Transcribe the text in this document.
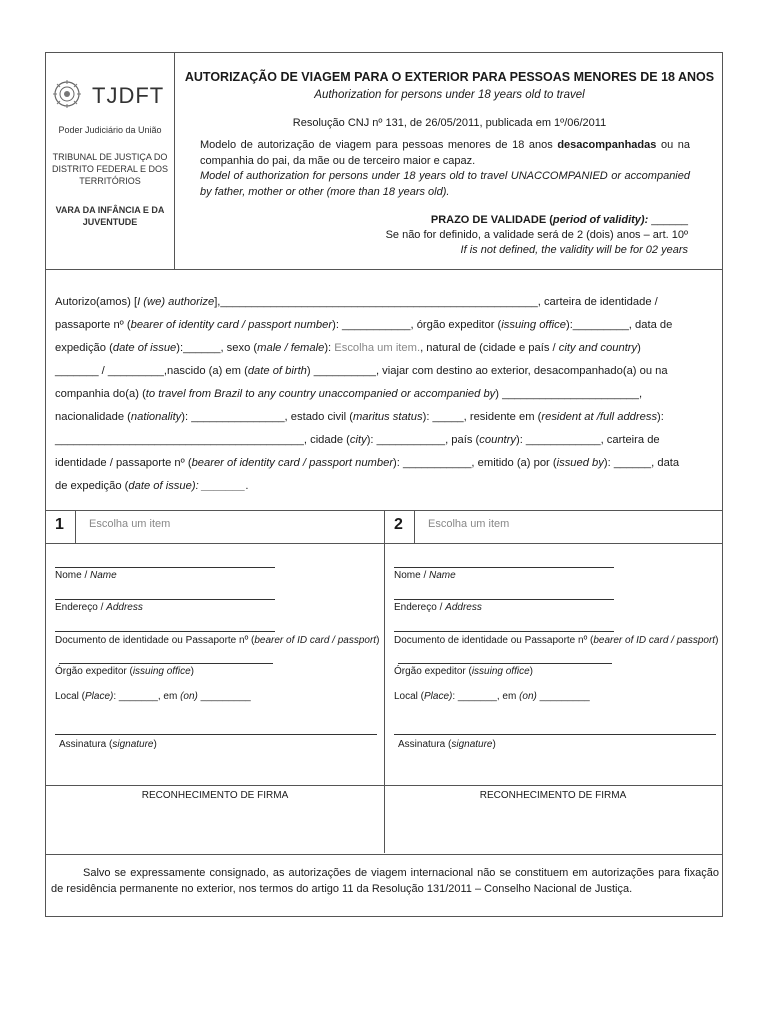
TJDFT
Poder Judiciário da União
TRIBUNAL DE JUSTIÇA DO DISTRITO FEDERAL E DOS TERRITÓRIOS
VARA DA INFÂNCIA E DA JUVENTUDE
AUTORIZAÇÃO DE VIAGEM PARA O EXTERIOR PARA PESSOAS MENORES DE 18 ANOS
Authorization for persons under 18 years old to travel
Resolução CNJ nº 131, de 26/05/2011, publicada em 1º/06/2011
Modelo de autorização de viagem para pessoas menores de 18 anos desacompanhadas ou na companhia do pai, da mãe ou de terceiro maior e capaz.
Model of authorization for persons under 18 years old to travel UNACCOMPANIED or accompanied by father, mother or other (more than 18 years old).
PRAZO DE VALIDADE (period of validity): ______
Se não for definido, a validade será de 2 (dois) anos – art. 10º
If is not defined, the validity will be for 02 years
Autorizo(amos) [I (we) authorize],___________________________________________________, carteira de identidade /
passaporte nº (bearer of identity card / passport number): ___________, órgão expeditor (issuing office):_________, data de
expedição (date of issue):______, sexo (male / female): Escolha um item., natural de (cidade e país / city and country)
_______ / _________,nascido (a) em (date of birth) __________, viajar com destino ao exterior, desacompanhado(a) ou na
companhia do(a) (to travel from Brazil to any country unaccompanied or accompanied by) ______________________,
nacionalidade (nationality): _______________, estado civil (maritus status): _____, residente em (resident at /full address):
________________________________________, cidade (city): ___________, país (country): ____________, carteira de
identidade / passaporte nº (bearer of identity card / passport number): ___________, emitido (a) por (issued by): ______, data
de expedição (date of issue): _______.
1 Escolha um item	2 Escolha um item
Nome / Name
Endereço / Address
Documento de identidade ou Passaporte nº (bearer of ID card / passport)
Órgão expeditor (issuing office)
Local (Place): _______, em (on) _________
Assinatura (signature)
Nome / Name
Endereço / Address
Documento de identidade ou Passaporte nº (bearer of ID card / passport)
Órgão expeditor (issuing office)
Local (Place): _______, em (on) _________
Assinatura (signature)
RECONHECIMENTO DE FIRMA	RECONHECIMENTO DE FIRMA
Salvo se expressamente consignado, as autorizações de viagem internacional não se constituem em autorizações para fixação de residência permanente no exterior, nos termos do artigo 11 da Resolução 131/2011 – Conselho Nacional de Justiça.
